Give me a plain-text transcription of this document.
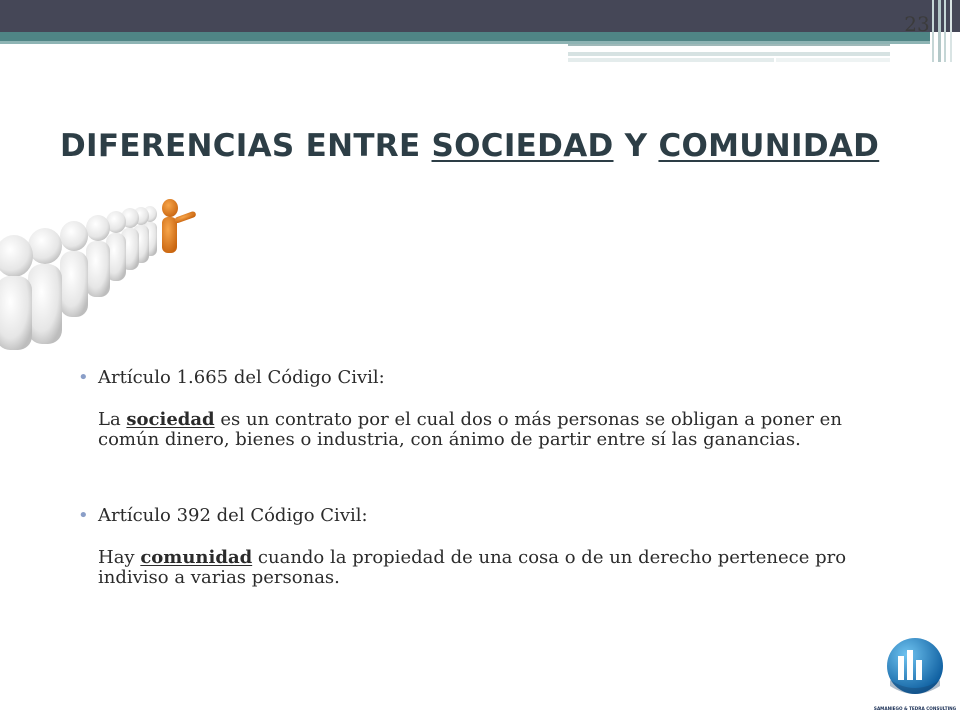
23
DIFERENCIAS ENTRE SOCIEDAD Y COMUNIDAD

• Artículo 1.665 del Código Civil:

La sociedad es un contrato por el cual dos o más personas se obligan a poner en común dinero, bienes o industria, con ánimo de partir entre sí las ganancias.

• Artículo 392 del Código Civil:

Hay comunidad cuando la propiedad de una cosa o de un derecho pertenece pro indiviso a varias personas.

SAMANIEGO & TEDRA CONSULTING
